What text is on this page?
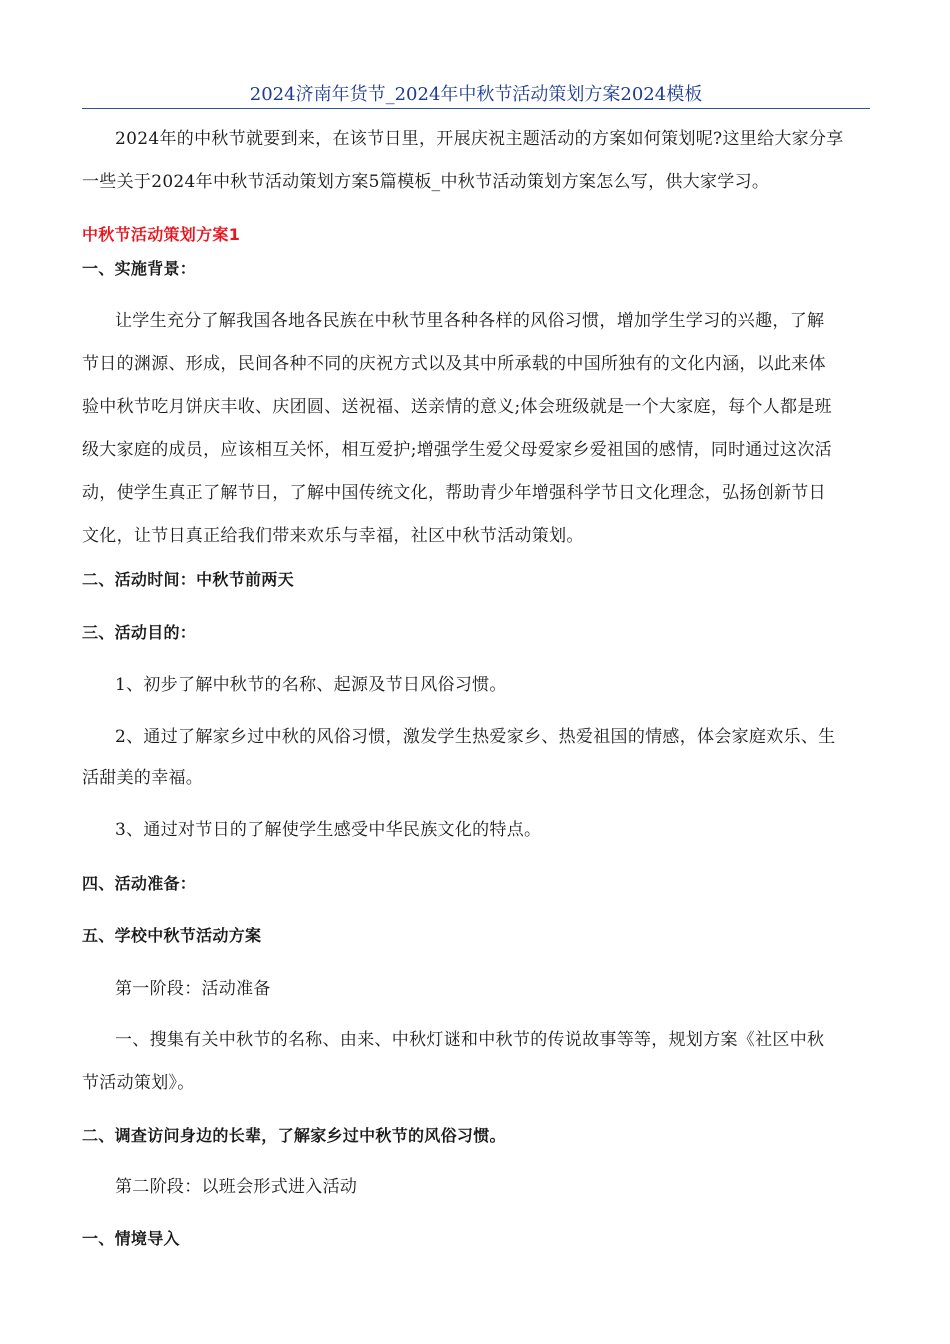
2024济南年货节_2024年中秋节活动策划方案2024模板
2024年的中秋节就要到来，在该节日里，开展庆祝主题活动的方案如何策划呢?这里给大家分享
一些关于2024年中秋节活动策划方案5篇模板_中秋节活动策划方案怎么写，供大家学习。
中秋节活动策划方案1
一、实施背景：
让学生充分了解我国各地各民族在中秋节里各种各样的风俗习惯，增加学生学习的兴趣，了解
节日的渊源、形成，民间各种不同的庆祝方式以及其中所承载的中国所独有的文化内涵，以此来体
验中秋节吃月饼庆丰收、庆团圆、送祝福、送亲情的意义;体会班级就是一个大家庭，每个人都是班
级大家庭的成员，应该相互关怀，相互爱护;增强学生爱父母爱家乡爱祖国的感情，同时通过这次活
动，使学生真正了解节日，了解中国传统文化，帮助青少年增强科学节日文化理念，弘扬创新节日
文化，让节日真正给我们带来欢乐与幸福，社区中秋节活动策划。
二、活动时间：中秋节前两天
三、活动目的：
1、初步了解中秋节的名称、起源及节日风俗习惯。
2、通过了解家乡过中秋的风俗习惯，激发学生热爱家乡、热爱祖国的情感，体会家庭欢乐、生
活甜美的幸福。
3、通过对节日的了解使学生感受中华民族文化的特点。
四、活动准备：
五、学校中秋节活动方案
第一阶段：活动准备
一、搜集有关中秋节的名称、由来、中秋灯谜和中秋节的传说故事等等，规划方案《社区中秋
节活动策划》。
二、调查访问身边的长辈，了解家乡过中秋节的风俗习惯。
第二阶段：以班会形式进入活动
一、情境导入
